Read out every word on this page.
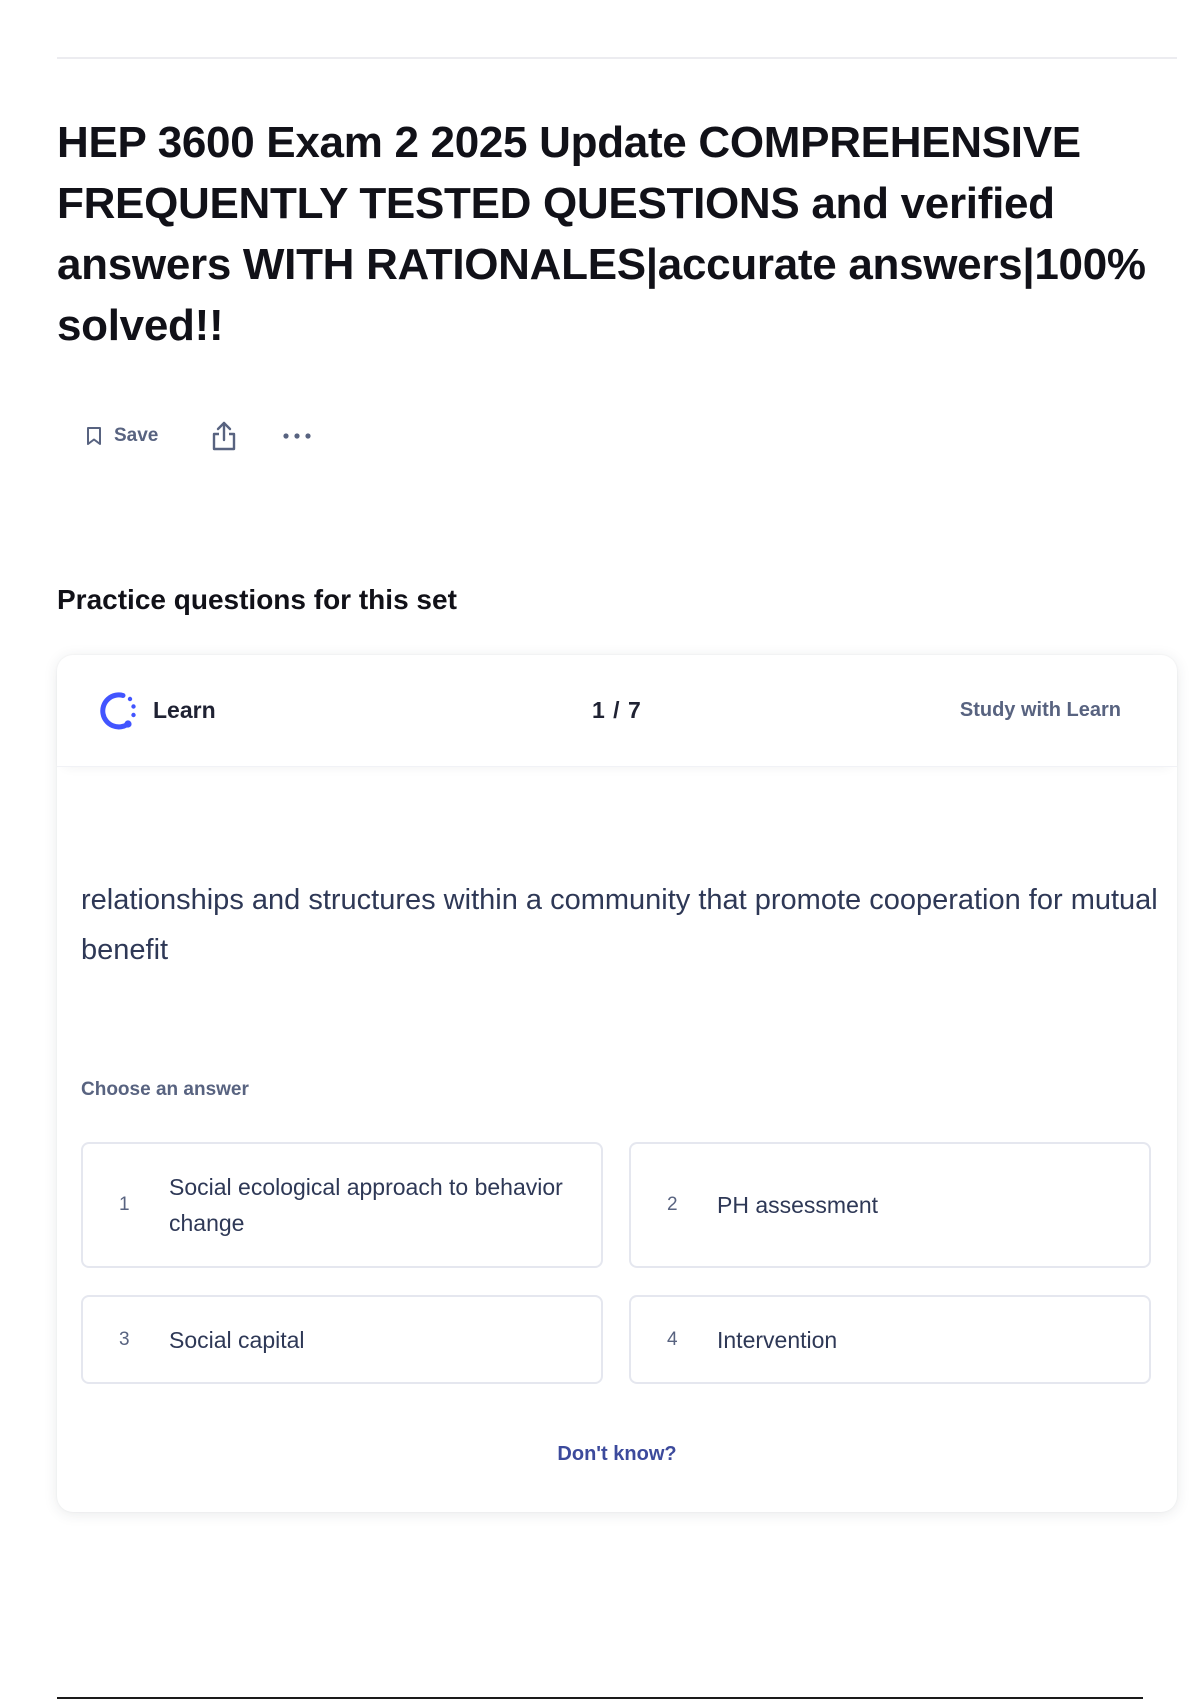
HEP 3600 Exam 2 2025 Update COMPREHENSIVE FREQUENTLY TESTED QUESTIONS and verified answers WITH RATIONALES|accurate answers|100% solved!!
Save
Practice questions for this set
Learn	1 / 7	Study with Learn

relationships and structures within a community that promote cooperation for mutual benefit

Choose an answer
1
Social ecological approach to behavior change
2 PH assessment
3 Social capital	4 Intervention
Don't know?
